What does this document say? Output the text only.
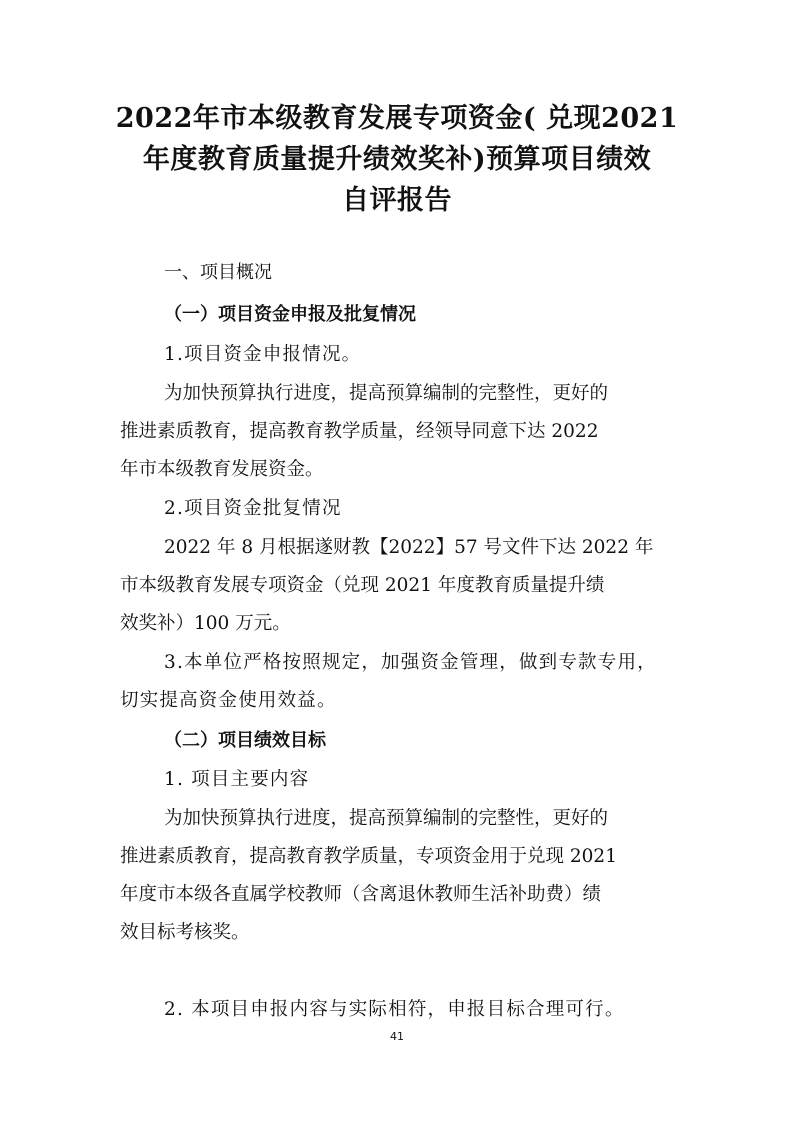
2022年市本级教育发展专项资金( 兑现2021
年度教育质量提升绩效奖补)预算项目绩效
自评报告

一、项目概况

（一）项目资金申报及批复情况

1.项目资金申报情况。

为加快预算执行进度，提高预算编制的完整性，更好的

推进素质教育，提高教育教学质量，经领导同意下达 2022

年市本级教育发展资金。

2.项目资金批复情况

2022 年 8 月根据遂财教【2022】57 号文件下达 2022 年

市本级教育发展专项资金（兑现 2021 年度教育质量提升绩

效奖补）100 万元。

3.本单位严格按照规定，加强资金管理，做到专款专用，

切实提高资金使用效益。

（二）项目绩效目标

1. 项目主要内容

为加快预算执行进度，提高预算编制的完整性，更好的

推进素质教育，提高教育教学质量，专项资金用于兑现 2021

年度市本级各直属学校教师（含离退休教师生活补助费）绩

效目标考核奖。

2. 本项目申报内容与实际相符，申报目标合理可行。

41
